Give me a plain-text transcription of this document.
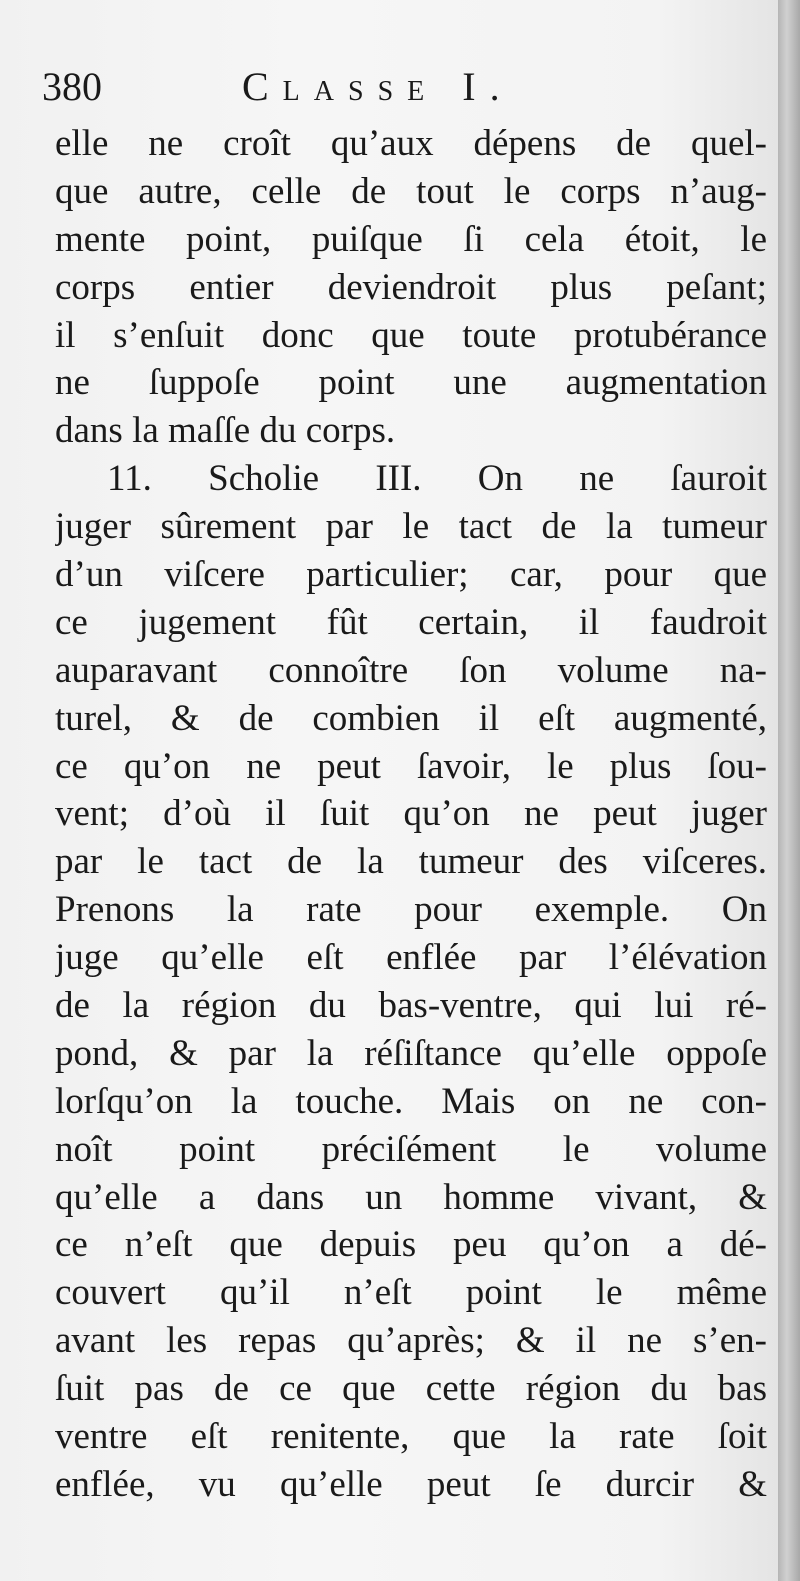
380	Classe I.
elle ne croît qu’aux dépens de quel-
que autre, celle de tout le corps n’aug-
mente point, puiſque ſi cela étoit, le
corps entier deviendroit plus peſant;
il s’enſuit donc que toute protubérance
ne ſuppoſe point une augmentation
dans la maſſe du corps.
11. Scholie III. On ne ſauroit
juger sûrement par le tact de la tumeur
d’un viſcere particulier; car, pour que
ce jugement fût certain, il faudroit
auparavant connoître ſon volume na-
turel, & de combien il eſt augmenté,
ce qu’on ne peut ſavoir, le plus ſou-
vent; d’où il ſuit qu’on ne peut juger
par le tact de la tumeur des viſceres.
Prenons la rate pour exemple. On
juge qu’elle eſt enflée par l’élévation
de la région du bas-ventre, qui lui ré-
pond, & par la réſiſtance qu’elle oppoſe
lorſqu’on la touche. Mais on ne con-
noît point préciſément le volume
qu’elle a dans un homme vivant, &
ce n’eſt que depuis peu qu’on a dé-
couvert qu’il n’eſt point le même
avant les repas qu’après; & il ne s’en-
ſuit pas de ce que cette région du bas
ventre eſt renitente, que la rate ſoit
enflée, vu qu’elle peut ſe durcir &
